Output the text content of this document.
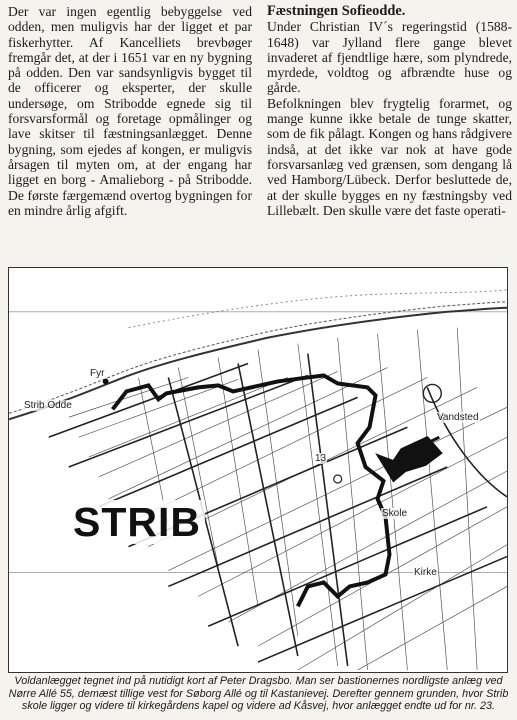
Der var ingen egentlig bebyggelse ved odden, men muligvis har der ligget et par fiskerhytter. Af Kancelliets brevbøger fremgår det, at der i 1651 var en ny bygning på odden. Den var sandsynligvis bygget til de officerer og eksperter, der skulle undersøge, om Stribodde egnede sig til forsvarsformål og foretage opmålinger og lave skitser til fæstningsanlægget. Denne bygning, som ejedes af kongen, er muligvis årsagen til myten om, at der engang har ligget en borg - Amalieborg - på Stribodde. De første færgemænd overtog bygningen for en mindre årlig afgift.

Fæstningen Sofieodde.

Under Christian IV´s regeringstid (1588-1648) var Jylland flere gange blevet invaderet af fjendtlige hære, som plyndrede, myrdede, voldtog og afbrændte huse og gårde.

Befolkningen blev frygtelig forarmet, og mange kunne ikke betale de tunge skatter, som de fik pålagt. Kongen og hans rådgivere indså, at det ikke var nok at have gode forsvarsanlæg ved grænsen, som dengang lå ved Hamborg/Lübeck. Derfor besluttede de, at der skulle bygges en ny fæstningsby ved Lillebælt. Den skulle være det faste operati-

Fyr
Strib Odde
13
Vandsted
Skole
Kirke
STRIB
Voldanlægget tegnet ind på nutidigt kort af Peter Dragsbo. Man ser bastionernes nordligste anlæg ved Nørre Allé 55, demæst tillige vest for Søborg Allé og til Kastanievej. Derefter gennem grunden, hvor Strib skole ligger og videre til kirkegårdens kapel og videre ad Kåsvej, hvor anlægget endte ud for nr. 23.
